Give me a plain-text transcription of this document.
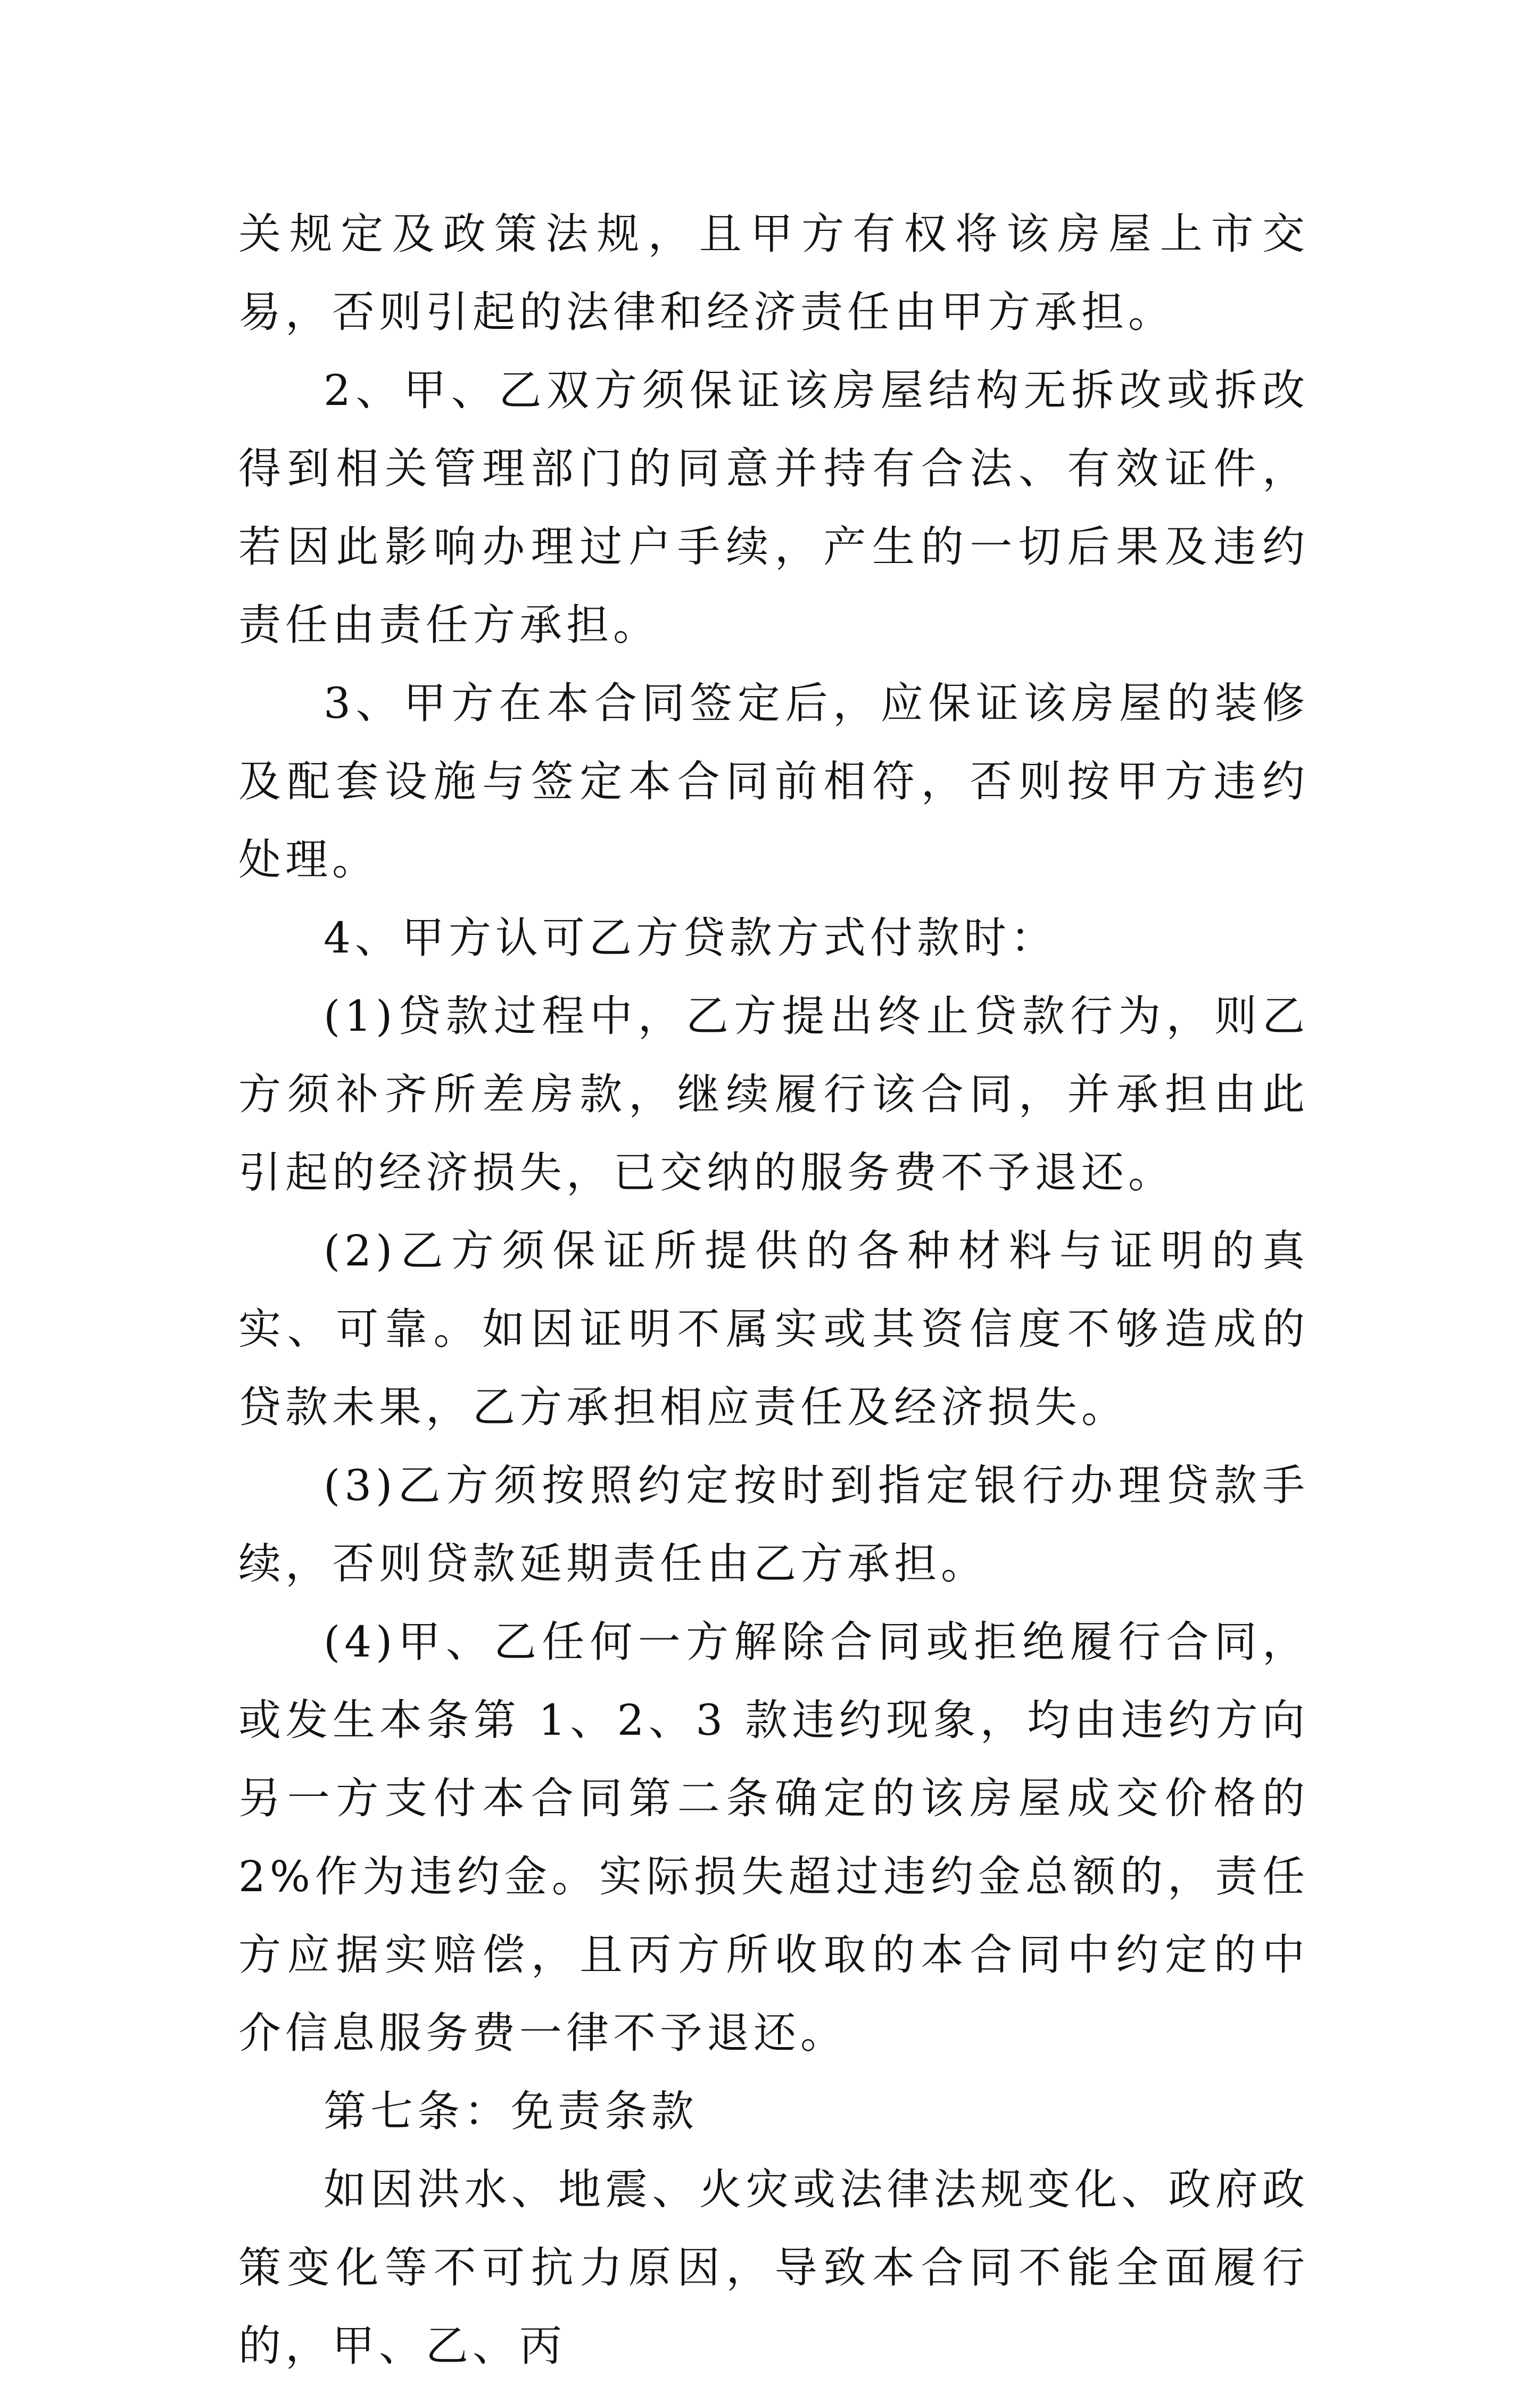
关规定及政策法规，且甲方有权将该房屋上市交易，否则引起的法律和经济责任由甲方承担。

2、甲、乙双方须保证该房屋结构无拆改或拆改得到相关管理部门的同意并持有合法、有效证件，若因此影响办理过户手续，产生的一切后果及违约责任由责任方承担。

3、甲方在本合同签定后，应保证该房屋的装修及配套设施与签定本合同前相符，否则按甲方违约处理。

4、甲方认可乙方贷款方式付款时：

(1)贷款过程中，乙方提出终止贷款行为，则乙方须补齐所差房款，继续履行该合同，并承担由此引起的经济损失，已交纳的服务费不予退还。

(2)乙方须保证所提供的各种材料与证明的真实、可靠。如因证明不属实或其资信度不够造成的贷款未果，乙方承担相应责任及经济损失。

(3)乙方须按照约定按时到指定银行办理贷款手续，否则贷款延期责任由乙方承担。

(4)甲、乙任何一方解除合同或拒绝履行合同，或发生本条第 1、2、3 款违约现象，均由违约方向另一方支付本合同第二条确定的该房屋成交价格的 2%作为违约金。实际损失超过违约金总额的，责任方应据实赔偿，且丙方所收取的本合同中约定的中介信息服务费一律不予退还。

第七条：免责条款

如因洪水、地震、火灾或法律法规变化、政府政策变化等不可抗力原因，导致本合同不能全面履行的，甲、乙、丙
